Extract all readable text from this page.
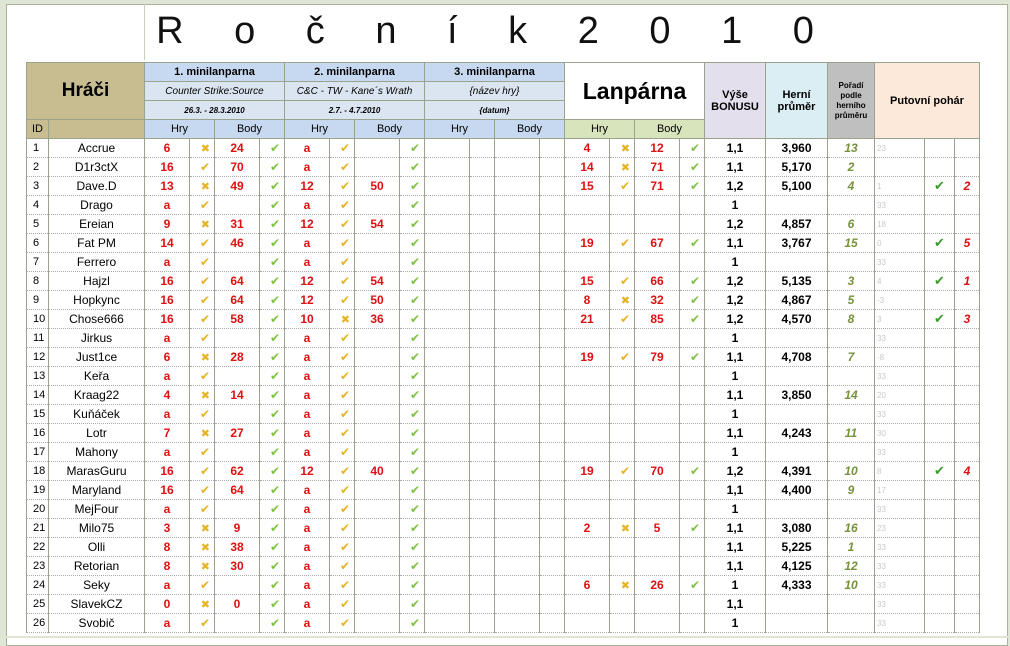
R o č n í k 2 0 1 0
Hráči		1. minilanparna				2. minilanparna				3. minilanparna				Lanpárna				Výše BONUSU	Herní průměr	Pořadí podle herního průměru	Putovní pohár		
		Counter Strike:Source				C&C - TW - Kane´s Wrath				{název hry}													
		26.3. - 28.3.2010				2.7. - 4.7.2010				{datum}													
ID		Hry		Body		Hry		Body		Hry		Body		Hry		Body							
1	Accrue	6	✖	24	✔	a	✔		✔					4	✖	12	✔	1,1	3,960	13	23		
2	D1r3ctX	16	✔	70	✔	a	✔		✔					14	✖	71	✔	1,1	5,170	2			
3	Dave.D	13	✖	49	✔	12	✔	50	✔					15	✔	71	✔	1,2	5,100	4	1	✔	2
4	Drago	a	✔		✔	a	✔		✔									1			33		
5	Ereian	9	✖	31	✔	12	✔	54	✔									1,2	4,857	6	18		
6	Fat PM	14	✔	46	✔	a	✔		✔					19	✔	67	✔	1,1	3,767	15	0	✔	5
7	Ferrero	a	✔		✔	a	✔		✔									1			33		
8	Hajzl	16	✔	64	✔	12	✔	54	✔					15	✔	66	✔	1,2	5,135	3	4	✔	1
9	Hopkync	16	✔	64	✔	12	✔	50	✔					8	✖	32	✔	1,2	4,867	5	-3		
10	Chose666	16	✔	58	✔	10	✖	36	✔					21	✔	85	✔	1,2	4,570	8	3	✔	3
11	Jirkus	a	✔		✔	a	✔		✔									1			33		
12	Just1ce	6	✖	28	✔	a	✔		✔					19	✔	79	✔	1,1	4,708	7	-8		
13	Keřa	a	✔		✔	a	✔		✔									1			33		
14	Kraag22	4	✖	14	✔	a	✔		✔									1,1	3,850	14	20		
15	Kuňáček	a	✔		✔	a	✔		✔									1			33		
16	Lotr	7	✖	27	✔	a	✔		✔									1,1	4,243	11	30		
17	Mahony	a	✔		✔	a	✔		✔									1			33		
18	MarasGuru	16	✔	62	✔	12	✔	40	✔					19	✔	70	✔	1,2	4,391	10	8	✔	4
19	Maryland	16	✔	64	✔	a	✔		✔									1,1	4,400	9	17		
20	MejFour	a	✔		✔	a	✔		✔									1			33		
21	Milo75	3	✖	9	✔	a	✔		✔					2	✖	5	✔	1,1	3,080	16	23		
22	Olli	8	✖	38	✔	a	✔		✔									1,1	5,225	1	33		
23	Retorian	8	✖	30	✔	a	✔		✔									1,1	4,125	12	33		
24	Seky	a	✔		✔	a	✔		✔					6	✖	26	✔	1	4,333	10	33		
25	SlavekCZ	0	✖	0	✔	a	✔		✔									1,1			33		
26	Svobič	a	✔		✔	a	✔		✔									1			33		
